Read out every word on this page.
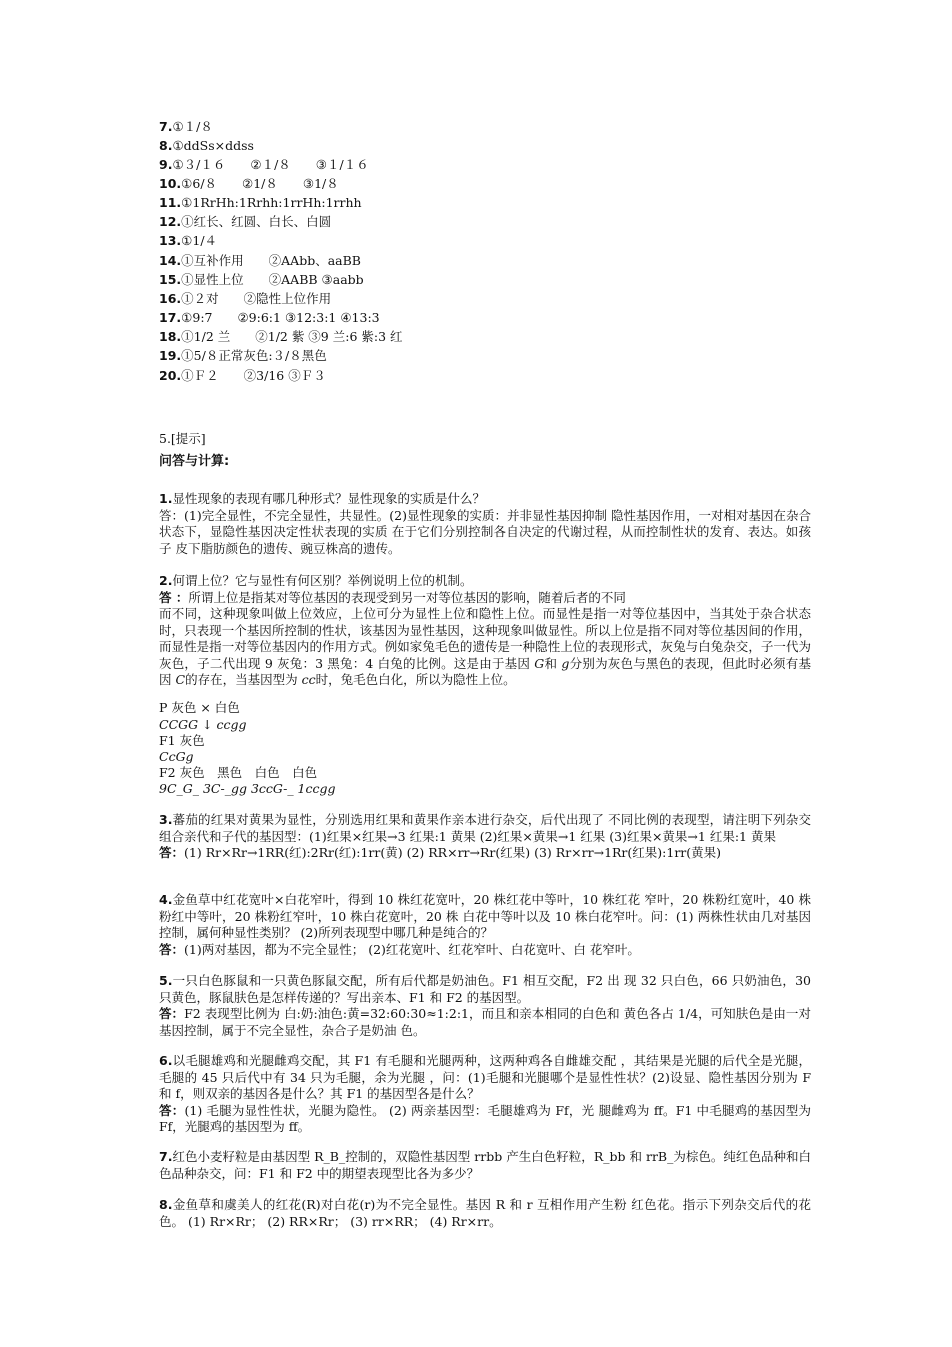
7.①１/８
8.①ddSs×ddss
9.①３/１６　　②１/８　　③１/１６
10.①6/８　　②1/８　　③1/８
11.①1RrHh:1Rrhh:1rrHh:1rrhh
12.①红长、红圆、白长、白圆
13.①1/４
14.①互补作用　　②AAbb、aaBB
15.①显性上位　　②AABB ③aabb
16.①２对　　②隐性上位作用
17.①9:7　　②9:6:1 ③12:3:1 ④13:3
18.①1/2 兰　　②1/2 紫 ③9 兰:6 紫:3 红
19.①5/８正常灰色:３/８黑色
20.①Ｆ２　　②3/16 ③Ｆ３
5.[提示]
问答与计算:
1.显性现象的表现有哪几种形式？显性现象的实质是什么？
答：(1)完全显性，不完全显性，共显性。(2)显性现象的实质：并非显性基因抑制 隐性基因作用，一对相对基因在杂合状态下，显隐性基因决定性状表现的实质 在于它们分别控制各自决定的代谢过程，从而控制性状的发育、表达。如孩子 皮下脂肪颜色的遗传、豌豆株高的遗传。
2.何谓上位？它与显性有何区别？举例说明上位的机制。
答 ：所谓上位是指某对等位基因的表现受到另一对等位基因的影响，随着后者的不同
而不同，这种现象叫做上位效应，上位可分为显性上位和隐性上位。而显性是指一对等位基因中，当其处于杂合状态时，只表现一个基因所控制的性状，该基因为显性基因，这种现象叫做显性。所以上位是指不同对等位基因间的作用，而显性是指一对等位基因内的作用方式。例如家兔毛色的遗传是一种隐性上位的表现形式，灰兔与白兔杂交，子一代为灰色，子二代出现 9 灰兔：3 黑兔：4 白兔的比例。这是由于基因 G和 g分别为灰色与黑色的表现，但此时必须有基因 C的存在，当基因型为 cc时，兔毛色白化，所以为隐性上位。
P 灰色 × 白色
CCGG ↓ ccgg
F1 灰色
CcGg
F2 灰色　黑色　白色　白色
9C_G_ 3C-_gg 3ccG-_ 1ccgg
3.蕃茄的红果对黄果为显性，分别选用红果和黄果作亲本进行杂交，后代出现了 不同比例的表现型，请注明下列杂交组合亲代和子代的基因型：(1)红果×红果→3 红果:1 黄果 (2)红果×黄果→1 红果 (3)红果×黄果→1 红果:1 黄果
答：(1) Rr×Rr→1RR(红):2Rr(红):1rr(黄) (2) RR×rr→Rr(红果) (3) Rr×rr→1Rr(红果):1rr(黄果)
4.金鱼草中红花宽叶×白花窄叶，得到 10 株红花宽叶，20 株红花中等叶，10 株红花 窄叶，20 株粉红宽叶，40 株粉红中等叶，20 株粉红窄叶，10 株白花宽叶，20 株 白花中等叶以及 10 株白花窄叶。问：(1) 两株性状由几对基因控制，属何种显性类别？ (2)所列表现型中哪几种是纯合的？
答：(1)两对基因，都为不完全显性； (2)红花宽叶、红花窄叶、白花宽叶、白 花窄叶。
5.一只白色豚鼠和一只黄色豚鼠交配，所有后代都是奶油色。F1 相互交配，F2 出 现 32 只白色，66 只奶油色，30 只黄色，豚鼠肤色是怎样传递的？写出亲本、F1 和 F2 的基因型。
答：F2 表现型比例为 白:奶:油色:黄=32:60:30≈1:2:1，而且和亲本相同的白色和 黄色各占 1/4，可知肤色是由一对基因控制，属于不完全显性，杂合子是奶油 色。
6.以毛腿雄鸡和光腿雌鸡交配，其 F1 有毛腿和光腿两种，这两种鸡各自雌雄交配 ，其结果是光腿的后代全是光腿，毛腿的 45 只后代中有 34 只为毛腿，余为光腿 ，问：(1)毛腿和光腿哪个是显性性状？(2)设显、隐性基因分别为 F 和 f，则双亲的基因各是什么？其 F1 的基因型各是什么？
答：(1) 毛腿为显性性状，光腿为隐性。 (2) 两亲基因型：毛腿雄鸡为 Ff，光 腿雌鸡为 ff。F1 中毛腿鸡的基因型为 Ff，光腿鸡的基因型为 ff。
7.红色小麦籽粒是由基因型 R_B_控制的，双隐性基因型 rrbb 产生白色籽粒，R_bb 和 rrB_为棕色。纯红色品种和白色品种杂交，问：F1 和 F2 中的期望表现型比各为多少？
8.金鱼草和虞美人的红花(R)对白花(r)为不完全显性。基因 R 和 r 互相作用产生粉 红色花。指示下列杂交后代的花色。 (1) Rr×Rr； (2) RR×Rr； (3) rr×RR； (4) Rr×rr。
